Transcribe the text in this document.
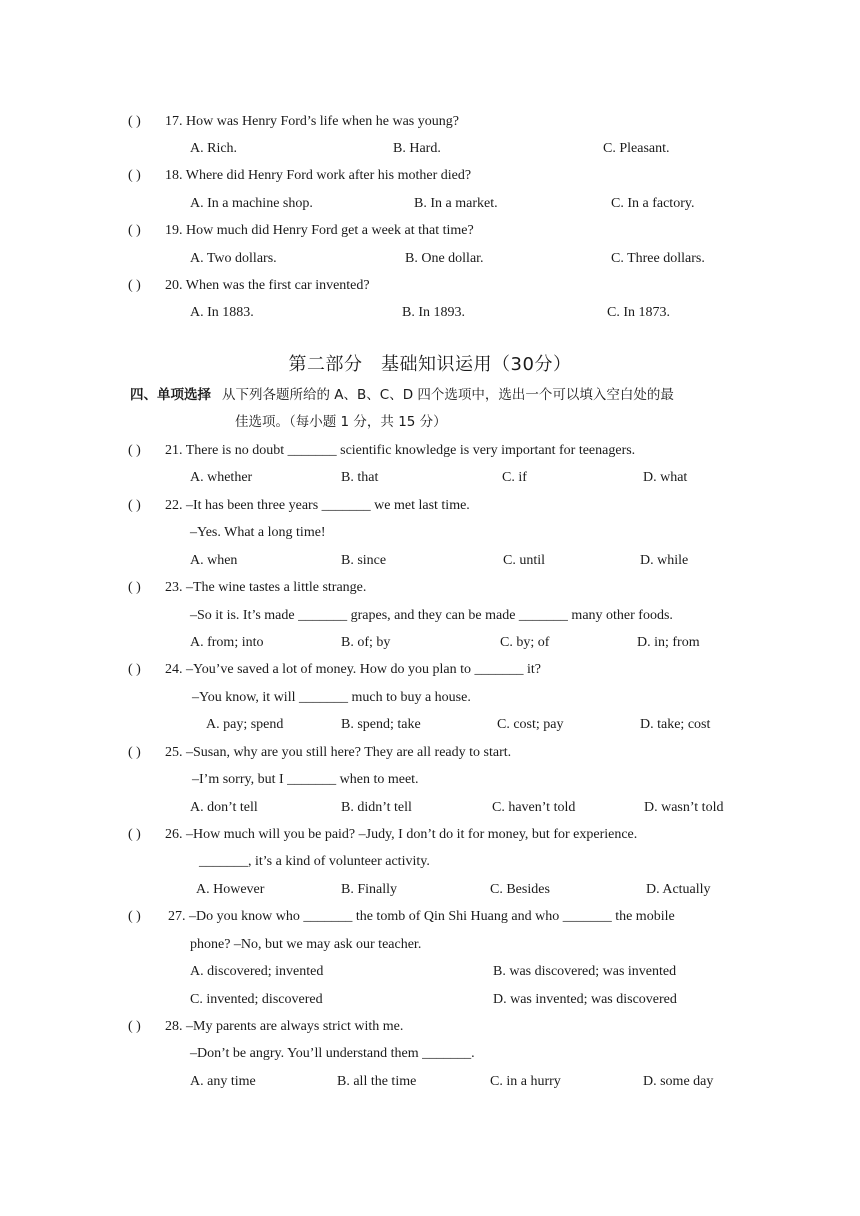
( ) 17. How was Henry Ford’s life when he was young?
A. Rich.	B. Hard.	C. Pleasant.
( ) 18. Where did Henry Ford work after his mother died?
A. In a machine shop.	B. In a market.	C. In a factory.
( ) 19. How much did Henry Ford get a week at that time?
A. Two dollars.	B. One dollar.	C. Three dollars.
( ) 20. When was the first car invented?
A. In 1883.	B. In 1893.	C. In 1873.
第二部分　基础知识运用（30分）
四、单项选择 从下列各题所给的 A、B、C、D 四个选项中，选出一个可以填入空白处的最
佳选项。（每小题 1 分，共 15 分）
( ) 21. There is no doubt _______ scientific knowledge is very important for teenagers.
A. whether	B. that	C. if	D. what
( ) 22. –It has been three years _______ we met last time.
–Yes. What a long time!
A. when	B. since	C. until	D. while
( ) 23. –The wine tastes a little strange.
–So it is. It’s made _______ grapes, and they can be made _______ many other foods.
A. from; into	B. of; by	C. by; of	D. in; from
( ) 24. –You’ve saved a lot of money. How do you plan to _______ it?
–You know, it will _______ much to buy a house.
A. pay; spend	B. spend; take	C. cost; pay	D. take; cost
( ) 25. –Susan, why are you still here? They are all ready to start.
–I’m sorry, but I _______ when to meet.
A. don’t tell	B. didn’t tell	C. haven’t told	D. wasn’t told
( ) 26. –How much will you be paid? –Judy, I don’t do it for money, but for experience.
_______, it’s a kind of volunteer activity.
A. However	B. Finally	C. Besides	D. Actually
( ) 27. –Do you know who _______ the tomb of Qin Shi Huang and who _______ the mobile
phone? –No, but we may ask our teacher.
A. discovered; invented	B. was discovered; was invented
C. invented; discovered	D. was invented; was discovered
( ) 28. –My parents are always strict with me.
–Don’t be angry. You’ll understand them _______.
A. any time	B. all the time	C. in a hurry	D. some day
